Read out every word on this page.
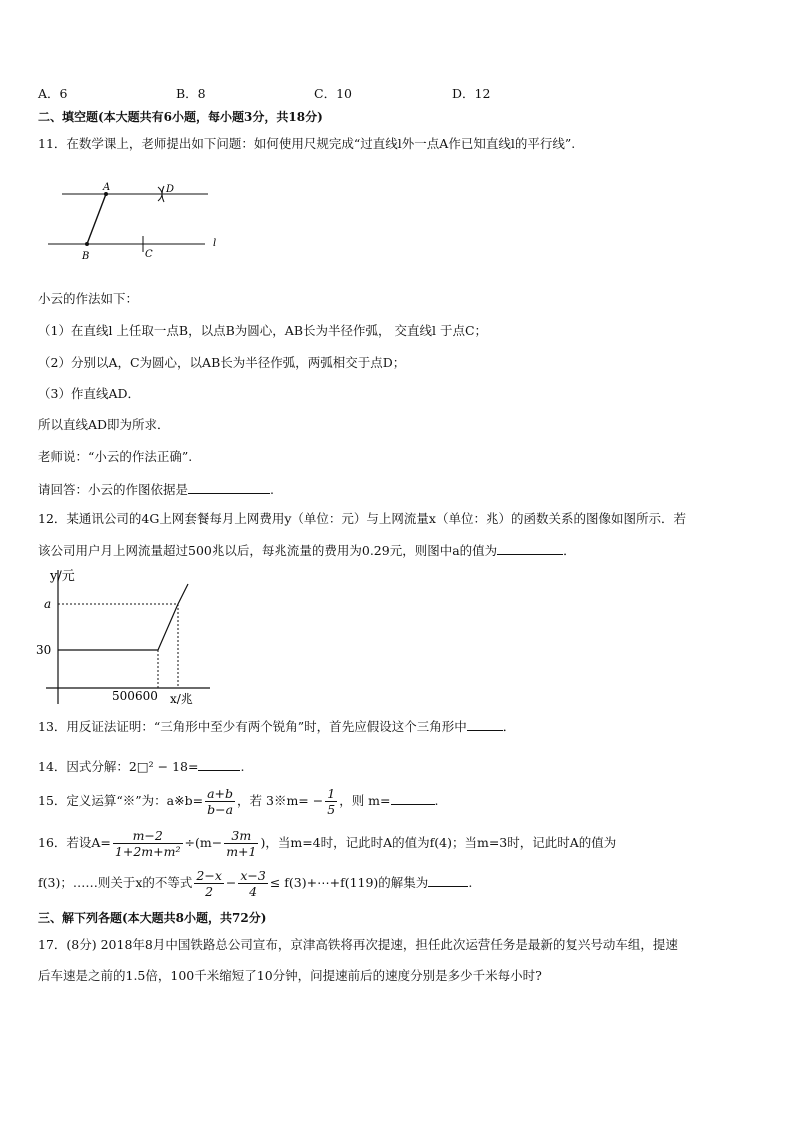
A．6	B．8	C．10	D．12
二、填空题(本大题共有6小题，每小题3分，共18分)
11．在数学课上，老师提出如下问题：如何使用尺规完成“过直线l外一点A作已知直线l的平行线”.
A	D
B	C
l
小云的作法如下：
（1）在直线l 上任取一点B，以点B为圆心，AB长为半径作弧， 交直线l 于点C；
（2）分别以A，C为圆心，以AB长为半径作弧，两弧相交于点D；
（3）作直线AD．
所以直线AD即为所求．
老师说：“小云的作法正确”.
请回答：小云的作图依据是	.
12．某通讯公司的4G上网套餐每月上网费用y（单位：元）与上网流量x（单位：兆）的函数关系的图像如图所示．若
该公司用户月上网流量超过500兆以后，每兆流量的费用为0.29元，则图中a的值为	．
y/元
x/兆
30
a
500 600
13．用反证法证明：“三角形中至少有两个锐角”时，首先应假设这个三角形中	．
14．因式分解：2□² − 18=	.
15．定义运算“※”为：a※b= $\frac{a+b}{b-a}$ ，若 3※m= − $\frac{1}{5}$ ，则 m=	.
16．若设$A= \frac{m-2}{\text{1+2m+m²}} \div(m- \frac{3m}{m+1}$ )，当m=4时，记此时A的值为f(4)；当m=3时，记此时A的值为
f(3)；……则关于x的不等式 $\frac{2-x}{2} - \frac{x-3}{4}$ ≤ f(3)+⋯+f(119)的解集为	.
三、解下列各题(本大题共8小题，共72分)
17．(8分) 2018年8月中国铁路总公司宣布，京津高铁将再次提速，担任此次运营任务是最新的复兴号动车组，提速
后车速是之前的1.5倍，100千米缩短了10分钟，问提速前后的速度分别是多少千米每小时?
